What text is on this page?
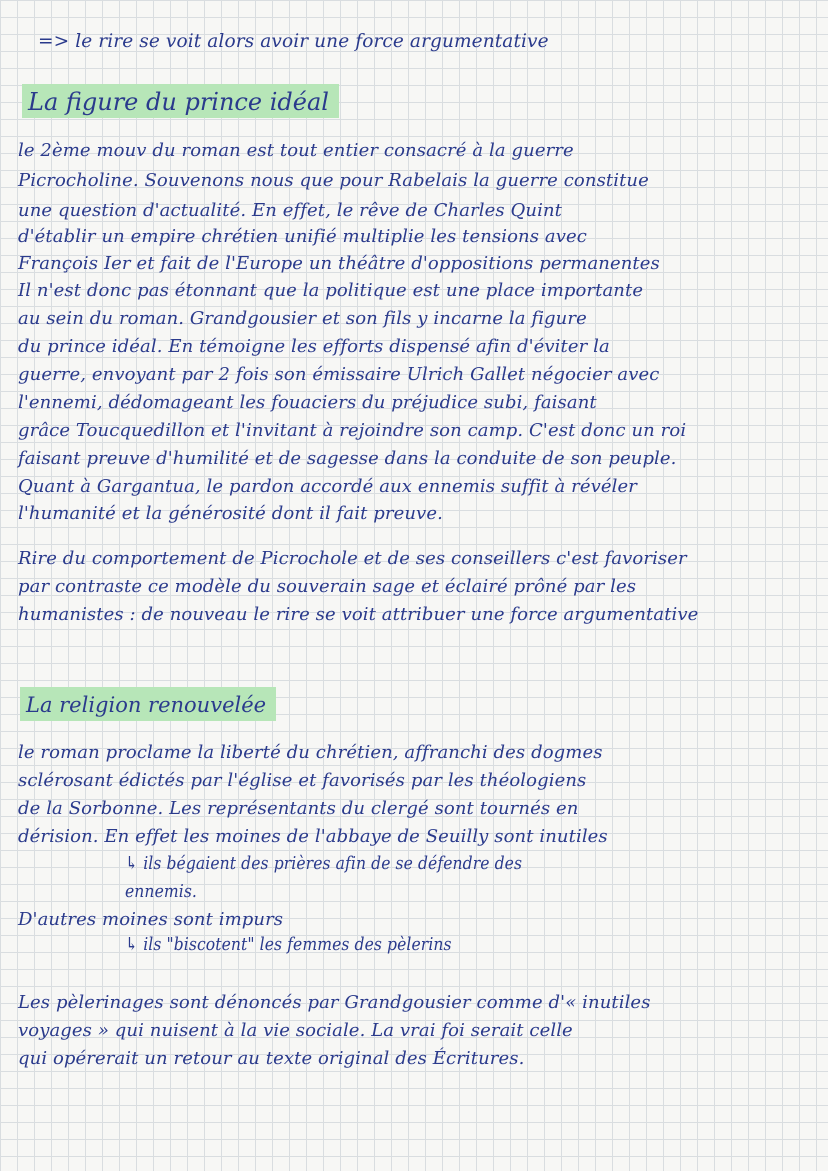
=> le rire se voit alors avoir une force argumentative
La figure du prince idéal
le 2ème mouv du roman est tout entier consacré à la guerre
Picrocholine. Souvenons nous que pour Rabelais la guerre constitue
une question d'actualité. En effet, le rêve de Charles Quint
d'établir un empire chrétien unifié multiplie les tensions avec
François Ier et fait de l'Europe un théâtre d'oppositions permanentes
Il n'est donc pas étonnant que la politique est une place importante
au sein du roman. Grandgousier et son fils y incarne la figure
du prince idéal. En témoigne les efforts dispensé afin d'éviter la
guerre, envoyant par 2 fois son émissaire Ulrich Gallet négocier avec
l'ennemi, dédomageant les fouaciers du préjudice subi, faisant
grâce Toucquedillon et l'invitant à rejoindre son camp. C'est donc un roi
faisant preuve d'humilité et de sagesse dans la conduite de son peuple.
Quant à Gargantua, le pardon accordé aux ennemis suffit à révéler
l'humanité et la générosité dont il fait preuve.
Rire du comportement de Picrochole et de ses conseillers c'est favoriser
par contraste ce modèle du souverain sage et éclairé prôné par les
humanistes : de nouveau le rire se voit attribuer une force argumentative
La religion renouvelée
le roman proclame la liberté du chrétien, affranchi des dogmes
sclérosant édictés par l'église et favorisés par les théologiens
de la Sorbonne. Les représentants du clergé sont tournés en
dérision. En effet les moines de l'abbaye de Seuilly sont inutiles
↳ ils bégaient des prières afin de se défendre des
ennemis.
D'autres moines sont impurs
↳ ils "biscotent" les femmes des pèlerins
Les pèlerinages sont dénoncés par Grandgousier comme d'« inutiles
voyages » qui nuisent à la vie sociale. La vrai foi serait celle
qui opérerait un retour au texte original des Écritures.
